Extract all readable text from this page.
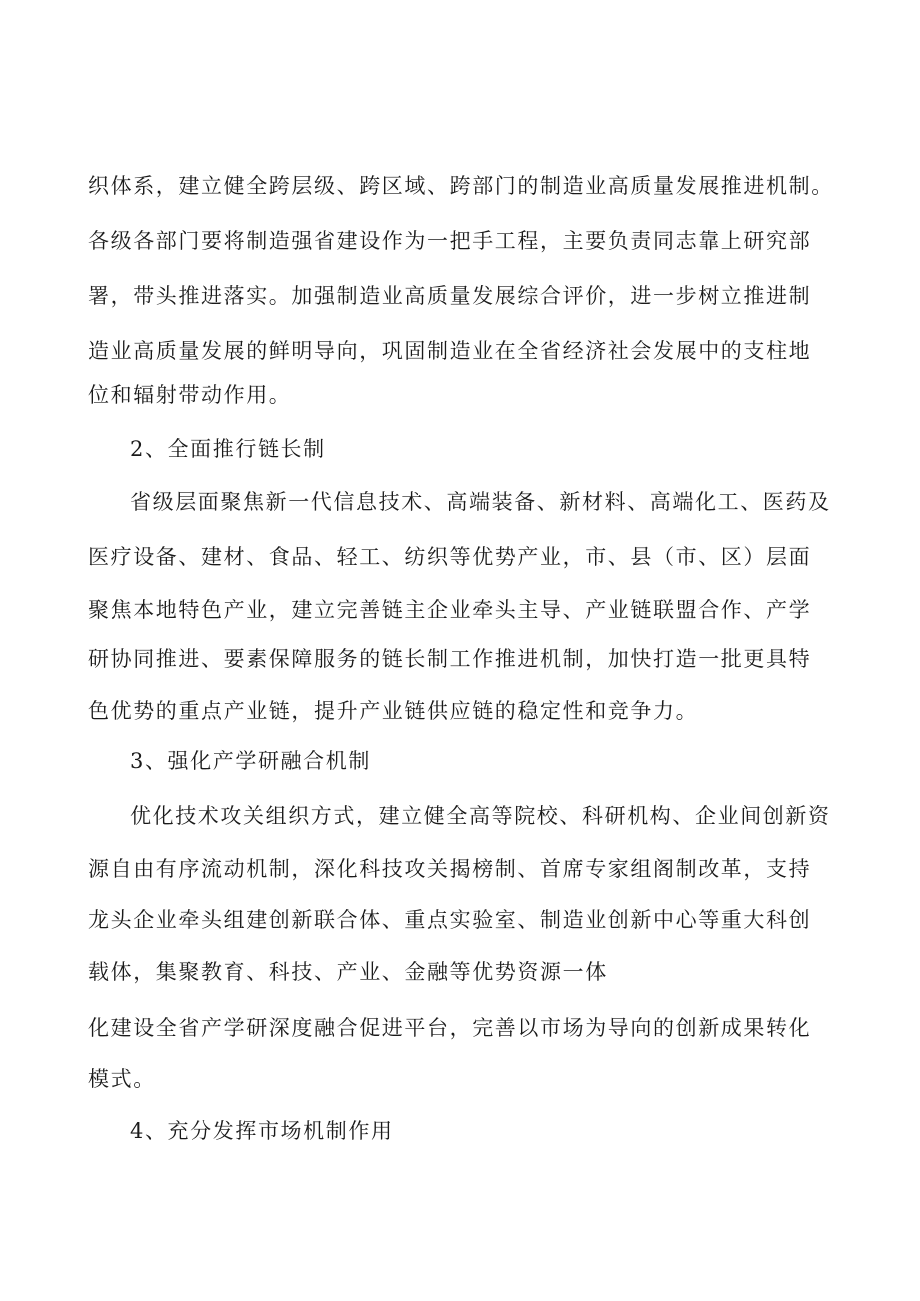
织体系，建立健全跨层级、跨区域、跨部门的制造业高质量发展推进机制。
各级各部门要将制造强省建设作为一把手工程，主要负责同志靠上研究部
署，带头推进落实。加强制造业高质量发展综合评价，进一步树立推进制
造业高质量发展的鲜明导向，巩固制造业在全省经济社会发展中的支柱地
位和辐射带动作用。
2、全面推行链长制
省级层面聚焦新一代信息技术、高端装备、新材料、高端化工、医药及
医疗设备、建材、食品、轻工、纺织等优势产业，市、县（市、区）层面
聚焦本地特色产业，建立完善链主企业牵头主导、产业链联盟合作、产学
研协同推进、要素保障服务的链长制工作推进机制，加快打造一批更具特
色优势的重点产业链，提升产业链供应链的稳定性和竞争力。
3、强化产学研融合机制
优化技术攻关组织方式，建立健全高等院校、科研机构、企业间创新资
源自由有序流动机制，深化科技攻关揭榜制、首席专家组阁制改革，支持
龙头企业牵头组建创新联合体、重点实验室、制造业创新中心等重大科创
载体，集聚教育、科技、产业、金融等优势资源一体
化建设全省产学研深度融合促进平台，完善以市场为导向的创新成果转化
模式。
4、充分发挥市场机制作用
